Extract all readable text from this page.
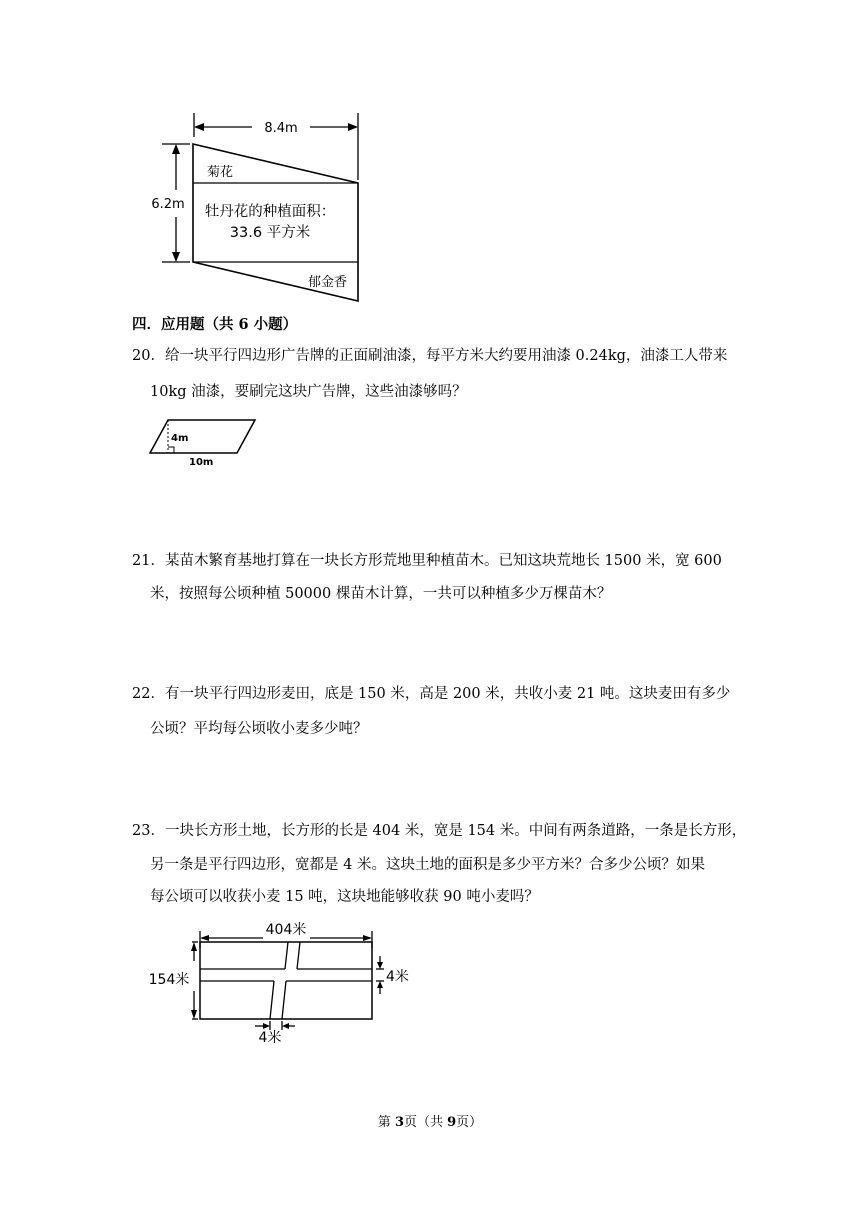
8.4m
6.2m
菊花
牡丹花的种植面积：
33.6 平方米
郁金香
四．应用题（共 6 小题）
20．给一块平行四边形广告牌的正面刷油漆，每平方米大约要用油漆 0.24kg，油漆工人带来
10kg 油漆，要刷完这块广告牌，这些油漆够吗？
4m
10m
21．某苗木繁育基地打算在一块长方形荒地里种植苗木。已知这块荒地长 1500 米，宽 600
米，按照每公顷种植 50000 棵苗木计算，一共可以种植多少万棵苗木？
22．有一块平行四边形麦田，底是 150 米，高是 200 米，共收小麦 21 吨。这块麦田有多少
公顷？平均每公顷收小麦多少吨？
23．一块长方形土地，长方形的长是 404 米，宽是 154 米。中间有两条道路，一条是长方形，
另一条是平行四边形，宽都是 4 米。这块土地的面积是多少平方米？合多少公顷？如果
每公顷可以收获小麦 15 吨，这块地能够收获 90 吨小麦吗？
404米
154米	4米
4米
第 3页（共 9页）
